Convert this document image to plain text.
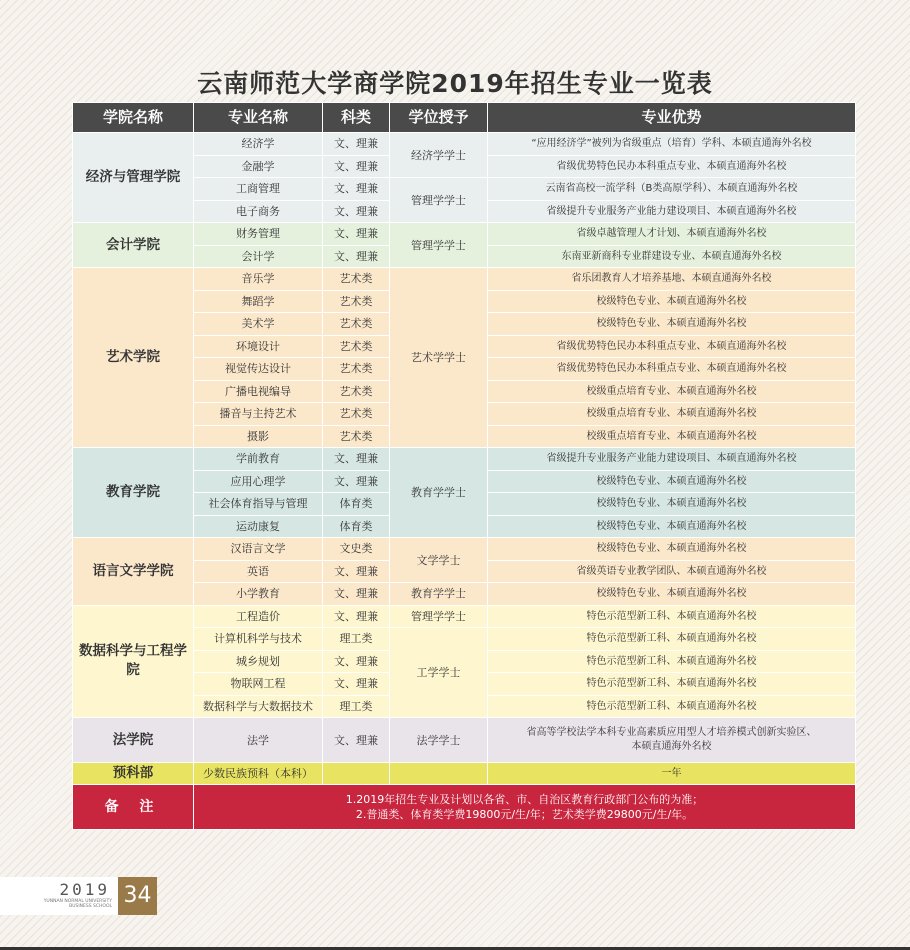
云南师范大学商学院2019年招生专业一览表
学院名称	专业名称	科类	学位授予	专业优势
经济与管理学院	经济学	文、理兼	经济学学士	“应用经济学”被列为省级重点（培育）学科、本硕直通海外名校
	金融学	文、理兼		省级优势特色民办本科重点专业、本硕直通海外名校
	工商管理	文、理兼	管理学学士	云南省高校一流学科（B类高原学科）、本硕直通海外名校
	电子商务	文、理兼		省级提升专业服务产业能力建设项目、本硕直通海外名校
会计学院	财务管理	文、理兼	管理学学士	省级卓越管理人才计划、本硕直通海外名校
	会计学	文、理兼		东南亚新商科专业群建设专业、本硕直通海外名校
艺术学院	音乐学	艺术类	艺术学学士	省乐团教育人才培养基地、本硕直通海外名校
	舞蹈学	艺术类		校级特色专业、本硕直通海外名校
	美术学	艺术类		校级特色专业、本硕直通海外名校
	环境设计	艺术类		省级优势特色民办本科重点专业、本硕直通海外名校
	视觉传达设计	艺术类		省级优势特色民办本科重点专业、本硕直通海外名校
	广播电视编导	艺术类		校级重点培育专业、本硕直通海外名校
	播音与主持艺术	艺术类		校级重点培育专业、本硕直通海外名校
	摄影	艺术类		校级重点培育专业、本硕直通海外名校
教育学院	学前教育	文、理兼	教育学学士	省级提升专业服务产业能力建设项目、本硕直通海外名校
	应用心理学	文、理兼		校级特色专业、本硕直通海外名校
	社会体育指导与管理	体育类		校级特色专业、本硕直通海外名校
	运动康复	体育类		校级特色专业、本硕直通海外名校
语言文学学院	汉语言文学	文史类	文学学士	校级特色专业、本硕直通海外名校
	英语	文、理兼		省级英语专业教学团队、本硕直通海外名校
	小学教育	文、理兼	教育学学士	校级特色专业、本硕直通海外名校
数据科学与工程学院	工程造价	文、理兼	管理学学士	特色示范型新工科、本硕直通海外名校
	计算机科学与技术	理工类	工学学士	特色示范型新工科、本硕直通海外名校
	城乡规划	文、理兼		特色示范型新工科、本硕直通海外名校
	物联网工程	文、理兼		特色示范型新工科、本硕直通海外名校
	数据科学与大数据技术	理工类		特色示范型新工科、本硕直通海外名校
法学院	法学	文、理兼	法学学士	省高等学校法学本科专业高素质应用型人才培养模式创新实验区、
本硕直通海外名校
预科部	少数民族预科（本科）			一年
备 注	1.2019年招生专业及计划以各省、市、自治区教育行政部门公布的为准；
2.普通类、体育类学费19800元/生/年；艺术类学费29800元/生/年。			
2019
YUNNAN NORMAL UNIVERSITY
BUSINESS SCHOOL 34
